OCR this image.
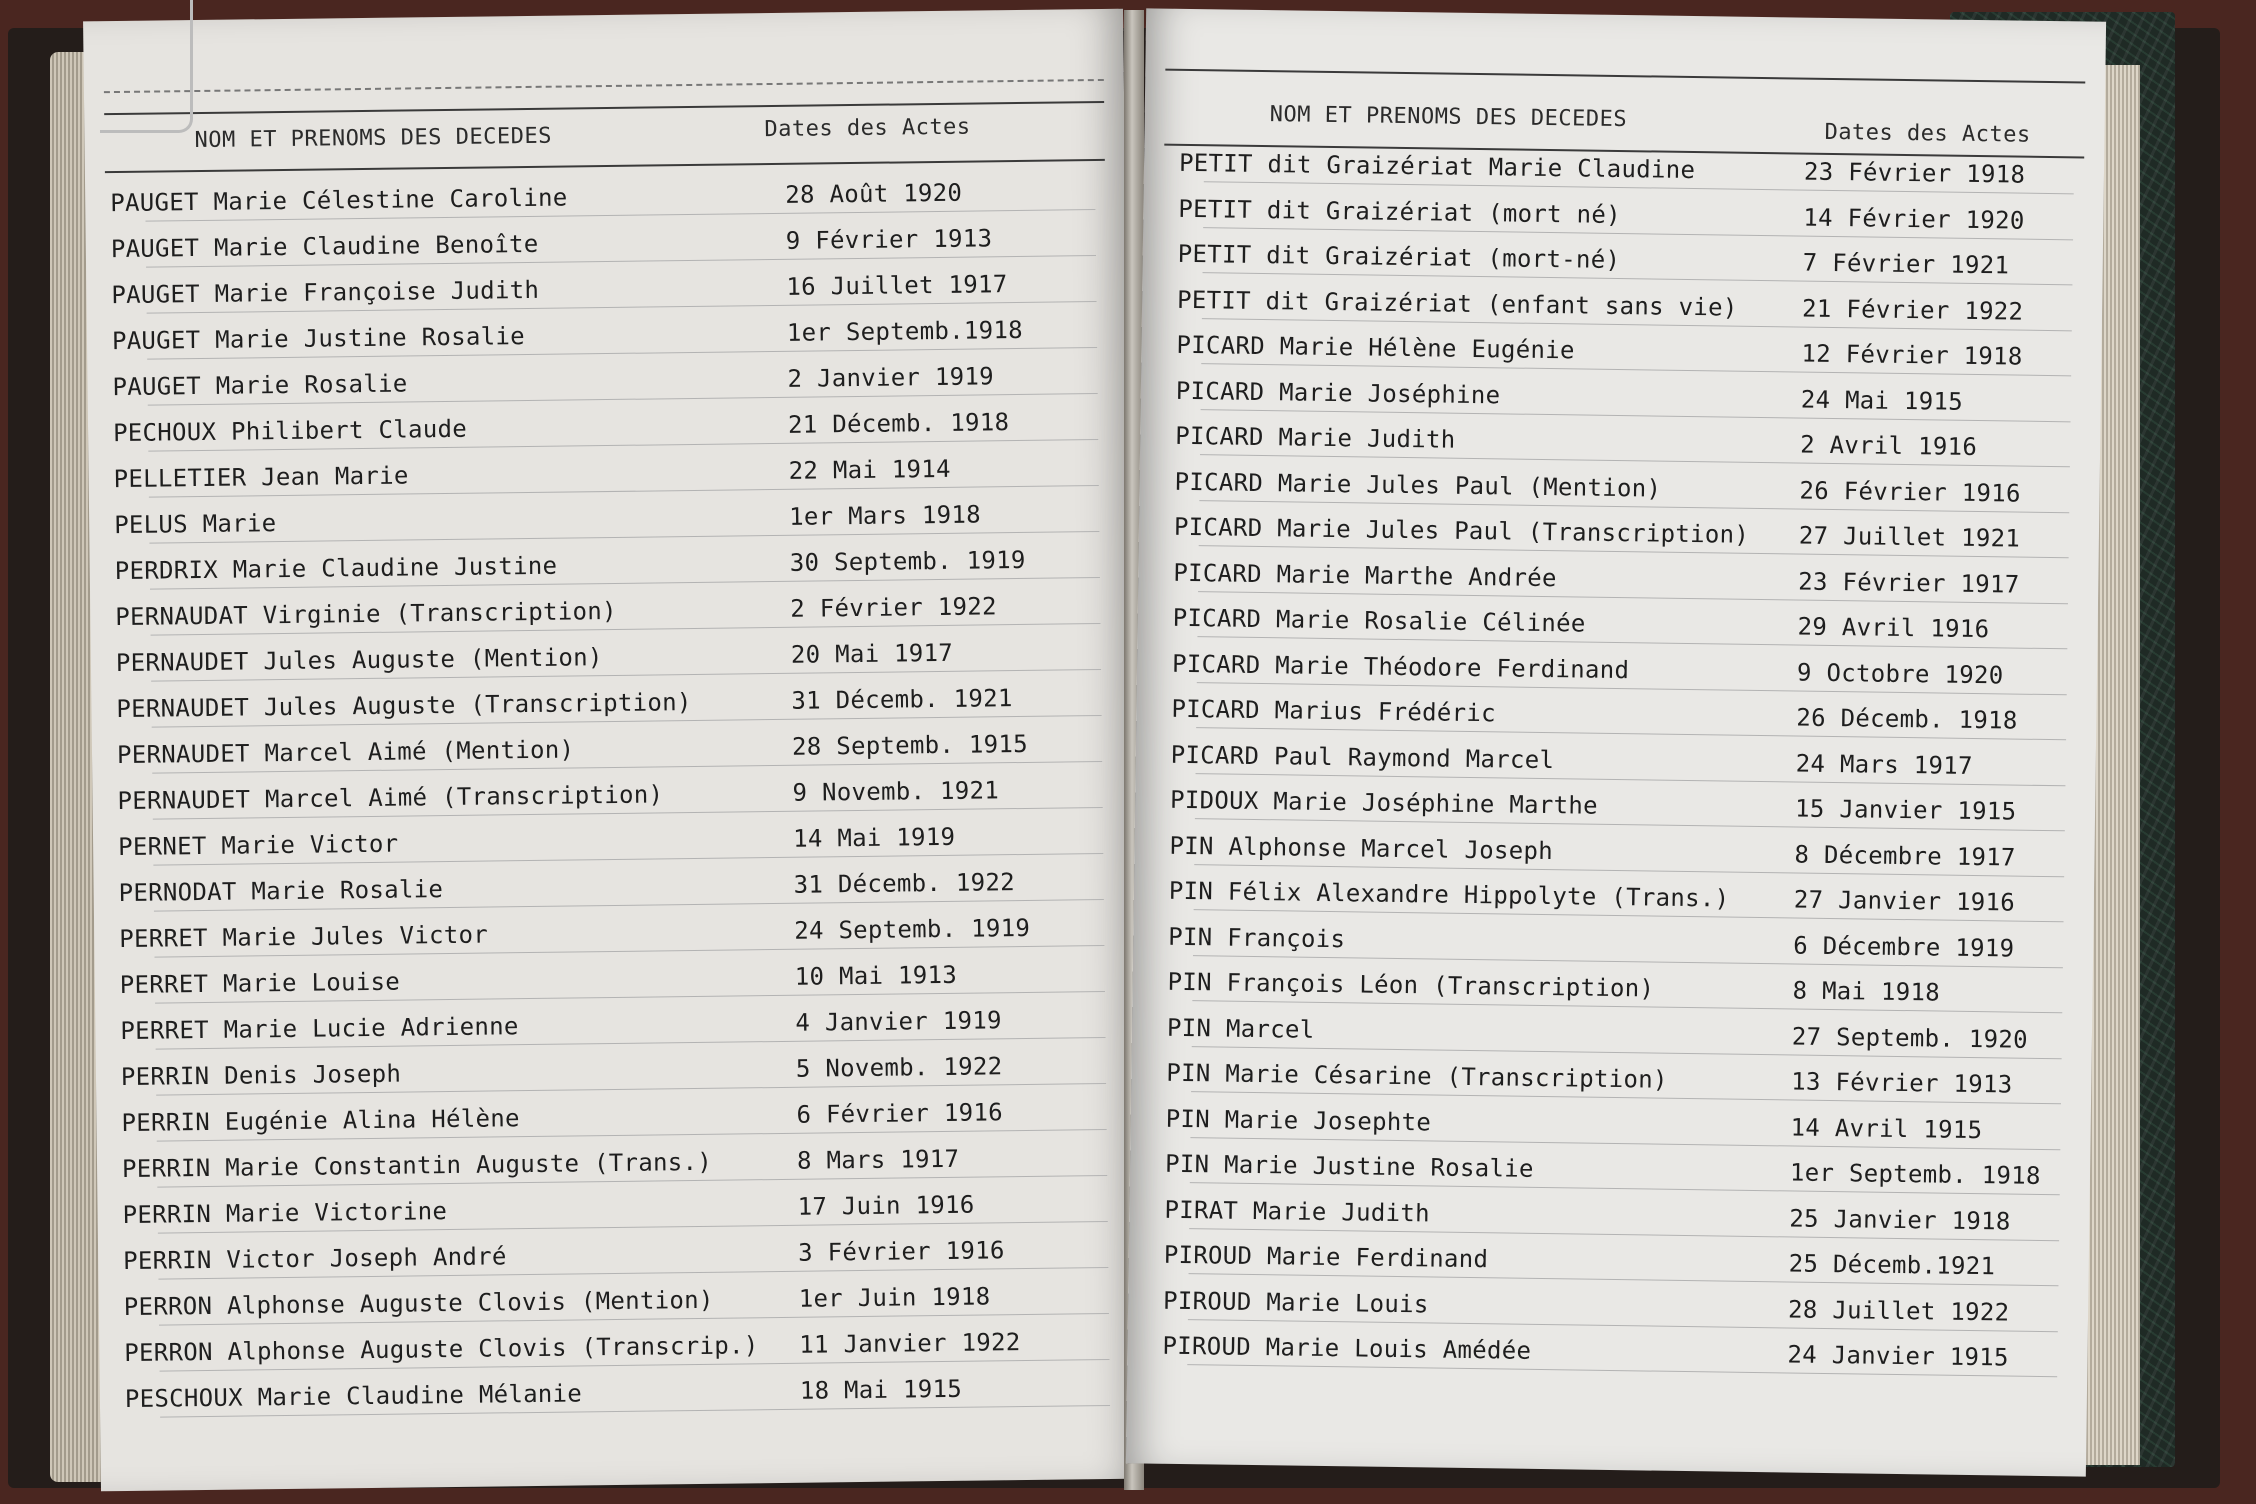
NOM ET PRENOMS DES DECEDES	Dates des Actes
PAUGET Marie Célestine Caroline	28 Août 1920
PAUGET Marie Claudine Benoîte	9 Février 1913
PAUGET Marie Françoise Judith	16 Juillet 1917
PAUGET Marie Justine Rosalie	1er Septemb.1918
PAUGET Marie Rosalie	2 Janvier 1919
PECHOUX Philibert Claude	21 Décemb. 1918
PELLETIER Jean Marie	22 Mai 1914
PELUS Marie	1er Mars 1918
PERDRIX Marie Claudine Justine	30 Septemb. 1919
PERNAUDAT Virginie (Transcription)	2 Février 1922
PERNAUDET Jules Auguste (Mention)	20 Mai 1917
PERNAUDET Jules Auguste (Transcription)	31 Décemb. 1921
PERNAUDET Marcel Aimé (Mention)	28 Septemb. 1915
PERNAUDET Marcel Aimé (Transcription)	9 Novemb. 1921
PERNET Marie Victor	14 Mai 1919
PERNODAT Marie Rosalie	31 Décemb. 1922
PERRET Marie Jules Victor	24 Septemb. 1919
PERRET Marie Louise	10 Mai 1913
PERRET Marie Lucie Adrienne	4 Janvier 1919
PERRIN Denis Joseph	5 Novemb. 1922
PERRIN Eugénie Alina Hélène	6 Février 1916
PERRIN Marie Constantin Auguste (Trans.)	8 Mars 1917
PERRIN Marie Victorine	17 Juin 1916
PERRIN Victor Joseph André	3 Février 1916
PERRON Alphonse Auguste Clovis (Mention)	1er Juin 1918
PERRON Alphonse Auguste Clovis (Transcrip.) 11 Janvier 1922
PESCHOUX Marie Claudine Mélanie	18 Mai 1915
NOM ET PRENOMS DES DECEDES
Dates des Actes
PETIT dit Graizériat Marie Claudine	23 Février 1918
PETIT dit Graizériat (mort né)	14 Février 1920
PETIT dit Graizériat (mort-né)	7 Février 1921
PETIT dit Graizériat (enfant sans vie)	21 Février 1922
PICARD Marie Hélène Eugénie	12 Février 1918
PICARD Marie Joséphine	24 Mai 1915
PICARD Marie Judith	2 Avril 1916
PICARD Marie Jules Paul (Mention)	26 Février 1916
PICARD Marie Jules Paul (Transcription) 27 Juillet 1921
PICARD Marie Marthe Andrée	23 Février 1917
PICARD Marie Rosalie Célinée	29 Avril 1916
PICARD Marie Théodore Ferdinand	9 Octobre 1920
PICARD Marius Frédéric	26 Décemb. 1918
PICARD Paul Raymond Marcel	24 Mars 1917
PIDOUX Marie Joséphine Marthe	15 Janvier 1915
PIN Alphonse Marcel Joseph	8 Décembre 1917
PIN Félix Alexandre Hippolyte (Trans.)	27 Janvier 1916
PIN François	6 Décembre 1919
PIN François Léon (Transcription)	8 Mai 1918
PIN Marcel	27 Septemb. 1920
PIN Marie Césarine (Transcription)	13 Février 1913
PIN Marie Josephte	14 Avril 1915
PIN Marie Justine Rosalie	1er Septemb. 1918
PIRAT Marie Judith	25 Janvier 1918
PIROUD Marie Ferdinand	25 Décemb.1921
PIROUD Marie Louis	28 Juillet 1922
PIROUD Marie Louis Amédée	24 Janvier 1915
